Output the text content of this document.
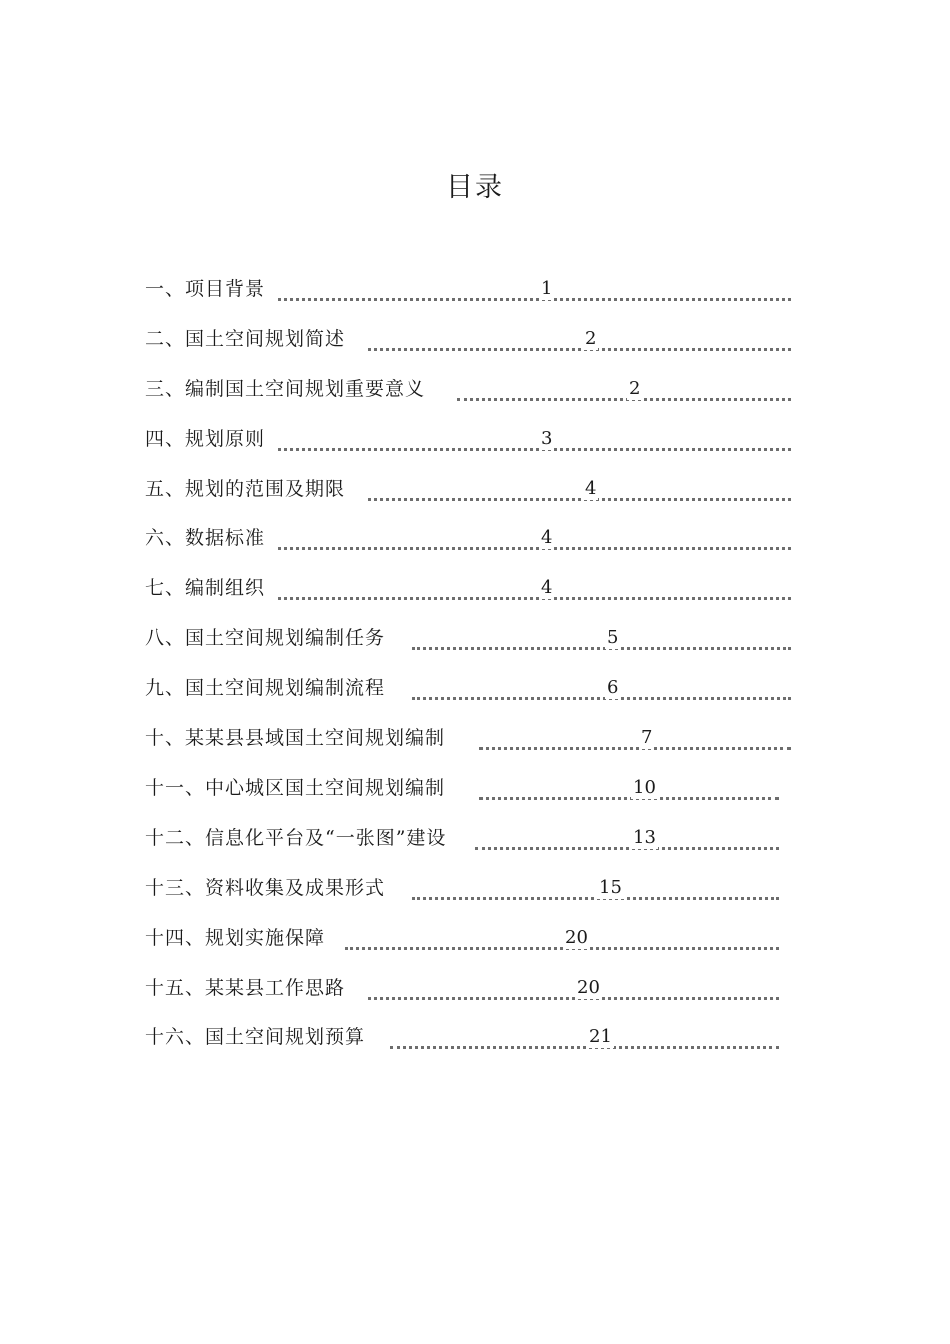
目录
一、项目背景	1
二、国土空间规划简述	2
三、编制国土空间规划重要意义	2
四、规划原则	3
五、规划的范围及期限	4
六、数据标准	4
七、编制组织	4
八、国土空间规划编制任务	5
九、国土空间规划编制流程	6
十、某某县县域国土空间规划编制	7
十一、中心城区国土空间规划编制	10
十二、信息化平台及“一张图”建设	13
十三、资料收集及成果形式	15
十四、规划实施保障	20
十五、某某县工作思路	20
十六、国土空间规划预算	21
